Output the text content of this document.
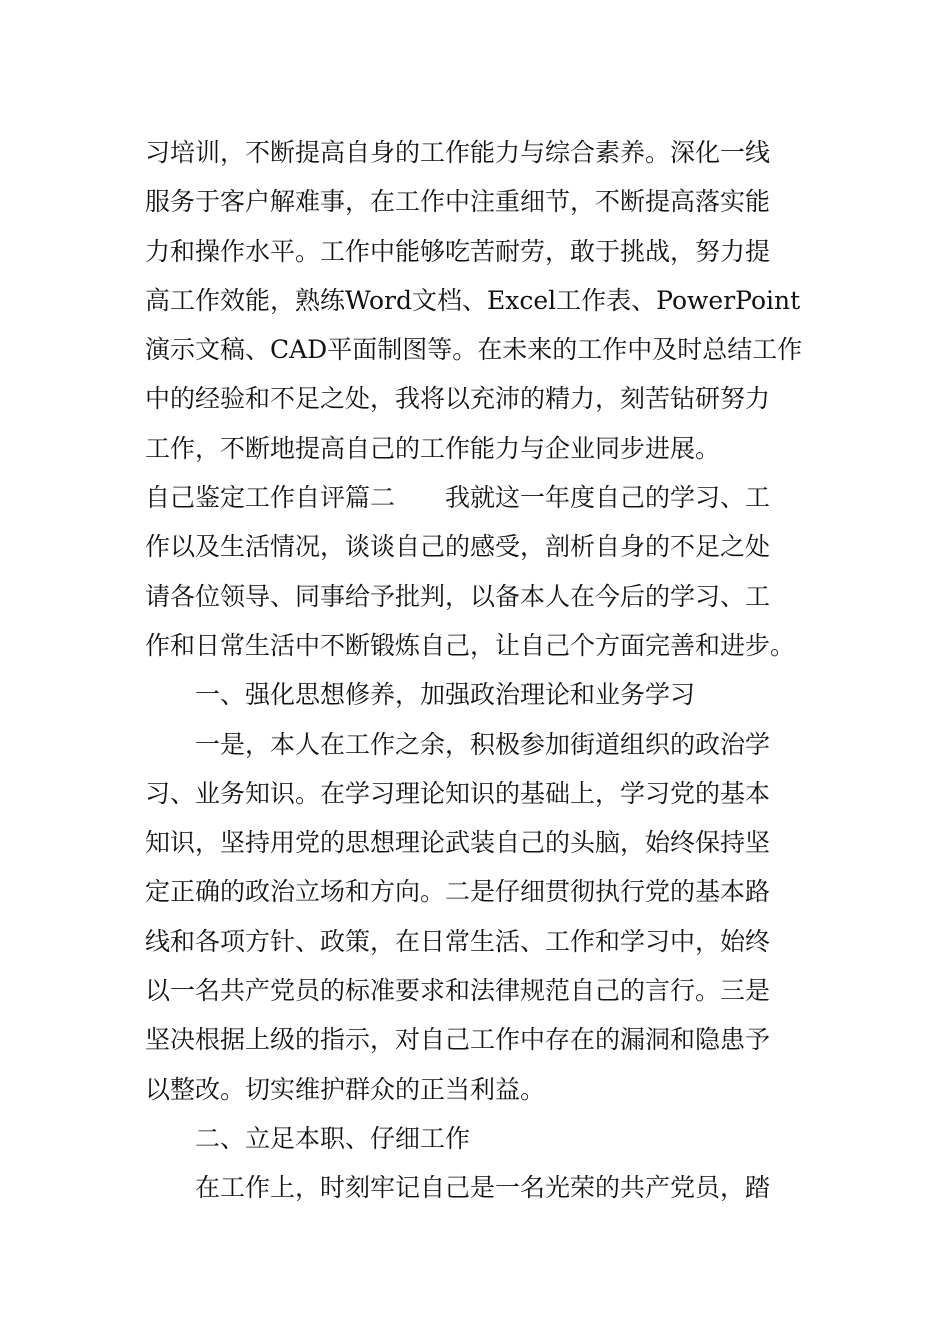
习培训，不断提高自身的工作能力与综合素养。深化一线
服务于客户解难事，在工作中注重细节，不断提高落实能
力和操作水平。工作中能够吃苦耐劳，敢于挑战，努力提
高工作效能，熟练Word文档、Excel工作表、PowerPoint
演示文稿、CAD平面制图等。在未来的工作中及时总结工作
中的经验和不足之处，我将以充沛的精力，刻苦钻研努力
工作，不断地提高自己的工作能力与企业同步进展。
自己鉴定工作自评篇二　　我就这一年度自己的学习、工
作以及生活情况，谈谈自己的感受，剖析自身的不足之处
请各位领导、同事给予批判，以备本人在今后的学习、工
作和日常生活中不断锻炼自己，让自己个方面完善和进步。
　　一、强化思想修养，加强政治理论和业务学习
　　一是，本人在工作之余，积极参加街道组织的政治学
习、业务知识。在学习理论知识的基础上，学习党的基本
知识，坚持用党的思想理论武装自己的头脑，始终保持坚
定正确的政治立场和方向。二是仔细贯彻执行党的基本路
线和各项方针、政策，在日常生活、工作和学习中，始终
以一名共产党员的标准要求和法律规范自己的言行。三是
坚决根据上级的指示，对自己工作中存在的漏洞和隐患予
以整改。切实维护群众的正当利益。
　　二、立足本职、仔细工作
　　在工作上，时刻牢记自己是一名光荣的共产党员，踏
